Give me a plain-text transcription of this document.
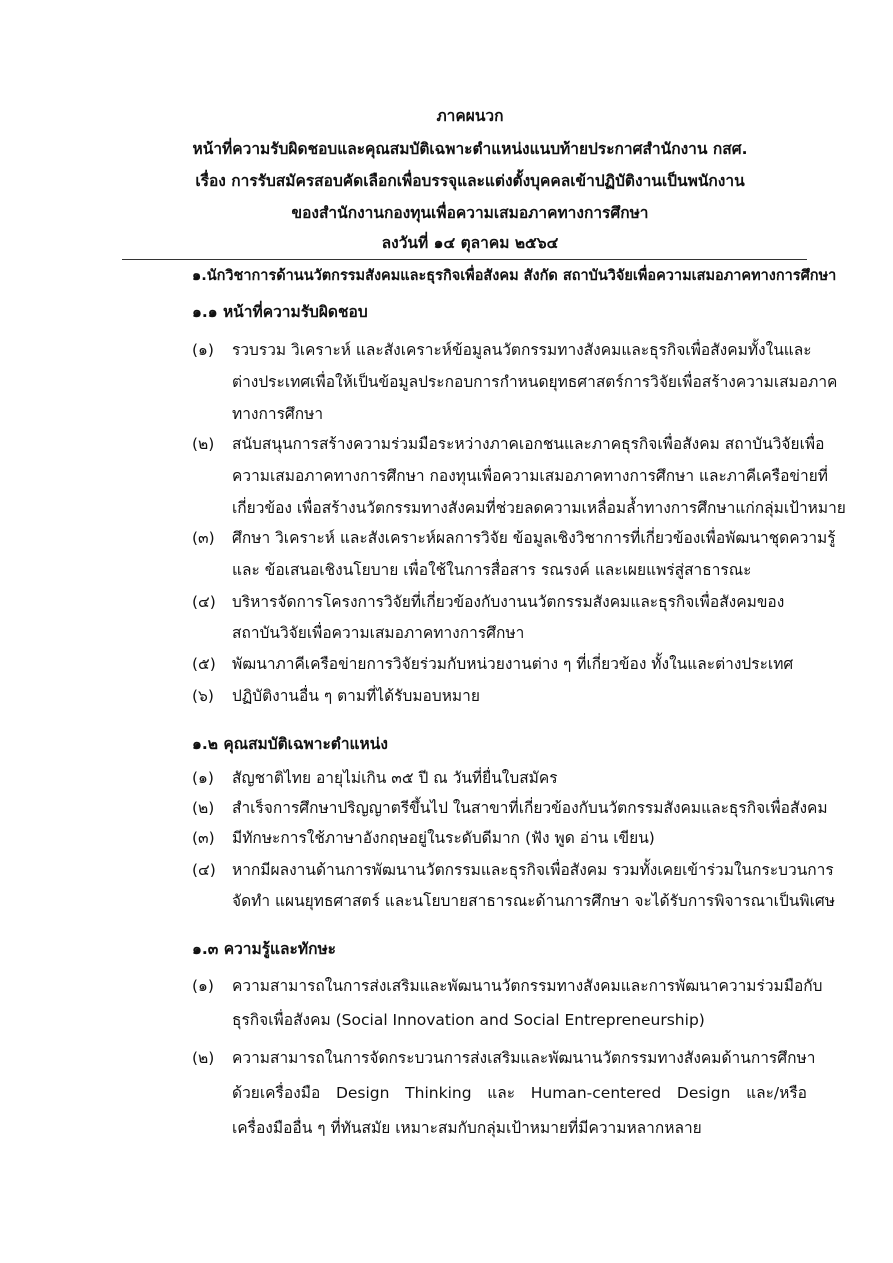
ภาคผนวก
หน้าที่ความรับผิดชอบและคุณสมบัติเฉพาะตำแหน่งแนบท้ายประกาศสำนักงาน กสศ.
เรื่อง การรับสมัครสอบคัดเลือกเพื่อบรรจุและแต่งตั้งบุคคลเข้าปฏิบัติงานเป็นพนักงาน
ของสำนักงานกองทุนเพื่อความเสมอภาคทางการศึกษา
ลงวันที่ ๑๔ ตุลาคม ๒๕๖๔
๑.นักวิชาการด้านนวัตกรรมสังคมและธุรกิจเพื่อสังคม สังกัด สถาบันวิจัยเพื่อความเสมอภาคทางการศึกษา
๑.๑ หน้าที่ความรับผิดชอบ
(๑) รวบรวม วิเคราะห์ และสังเคราะห์ข้อมูลนวัตกรรมทางสังคมและธุรกิจเพื่อสังคมทั้งในและ
ต่างประเทศเพื่อให้เป็นข้อมูลประกอบการกำหนดยุทธศาสตร์การวิจัยเพื่อสร้างความเสมอภาค
ทางการศึกษา
(๒) สนับสนุนการสร้างความร่วมมือระหว่างภาคเอกชนและภาคธุรกิจเพื่อสังคม สถาบันวิจัยเพื่อ
ความเสมอภาคทางการศึกษา กองทุนเพื่อความเสมอภาคทางการศึกษา และภาคีเครือข่ายที่
เกี่ยวข้อง เพื่อสร้างนวัตกรรมทางสังคมที่ช่วยลดความเหลื่อมล้ำทางการศึกษาแก่กลุ่มเป้าหมาย
(๓) ศึกษา วิเคราะห์ และสังเคราะห์ผลการวิจัย ข้อมูลเชิงวิชาการที่เกี่ยวข้องเพื่อพัฒนาชุดความรู้
และ ข้อเสนอเชิงนโยบาย เพื่อใช้ในการสื่อสาร รณรงค์ และเผยแพร่สู่สาธารณะ
(๔) บริหารจัดการโครงการวิจัยที่เกี่ยวข้องกับงานนวัตกรรมสังคมและธุรกิจเพื่อสังคมของ
สถาบันวิจัยเพื่อความเสมอภาคทางการศึกษา
(๕) พัฒนาภาคีเครือข่ายการวิจัยร่วมกับหน่วยงานต่าง ๆ ที่เกี่ยวข้อง ทั้งในและต่างประเทศ
(๖) ปฏิบัติงานอื่น ๆ ตามที่ได้รับมอบหมาย
๑.๒ คุณสมบัติเฉพาะตำแหน่ง
(๑) สัญชาติไทย อายุไม่เกิน ๓๕ ปี ณ วันที่ยื่นใบสมัคร
(๒) สำเร็จการศึกษาปริญญาตรีขึ้นไป ในสาขาที่เกี่ยวข้องกับนวัตกรรมสังคมและธุรกิจเพื่อสังคม
(๓) มีทักษะการใช้ภาษาอังกฤษอยู่ในระดับดีมาก (ฟัง พูด อ่าน เขียน)
(๔) หากมีผลงานด้านการพัฒนานวัตกรรมและธุรกิจเพื่อสังคม รวมทั้งเคยเข้าร่วมในกระบวนการ
จัดทำ แผนยุทธศาสตร์ และนโยบายสาธารณะด้านการศึกษา จะได้รับการพิจารณาเป็นพิเศษ
๑.๓ ความรู้และทักษะ
(๑) ความสามารถในการส่งเสริมและพัฒนานวัตกรรมทางสังคมและการพัฒนาความร่วมมือกับ
ธุรกิจเพื่อสังคม (Social Innovation and Social Entrepreneurship)
(๒) ความสามารถในการจัดกระบวนการส่งเสริมและพัฒนานวัตกรรมทางสังคมด้านการศึกษา
ด้วยเครื่องมือ Design Thinking และ Human-centered Design และ/หรือ
เครื่องมืออื่น ๆ ที่ทันสมัย เหมาะสมกับกลุ่มเป้าหมายที่มีความหลากหลาย
